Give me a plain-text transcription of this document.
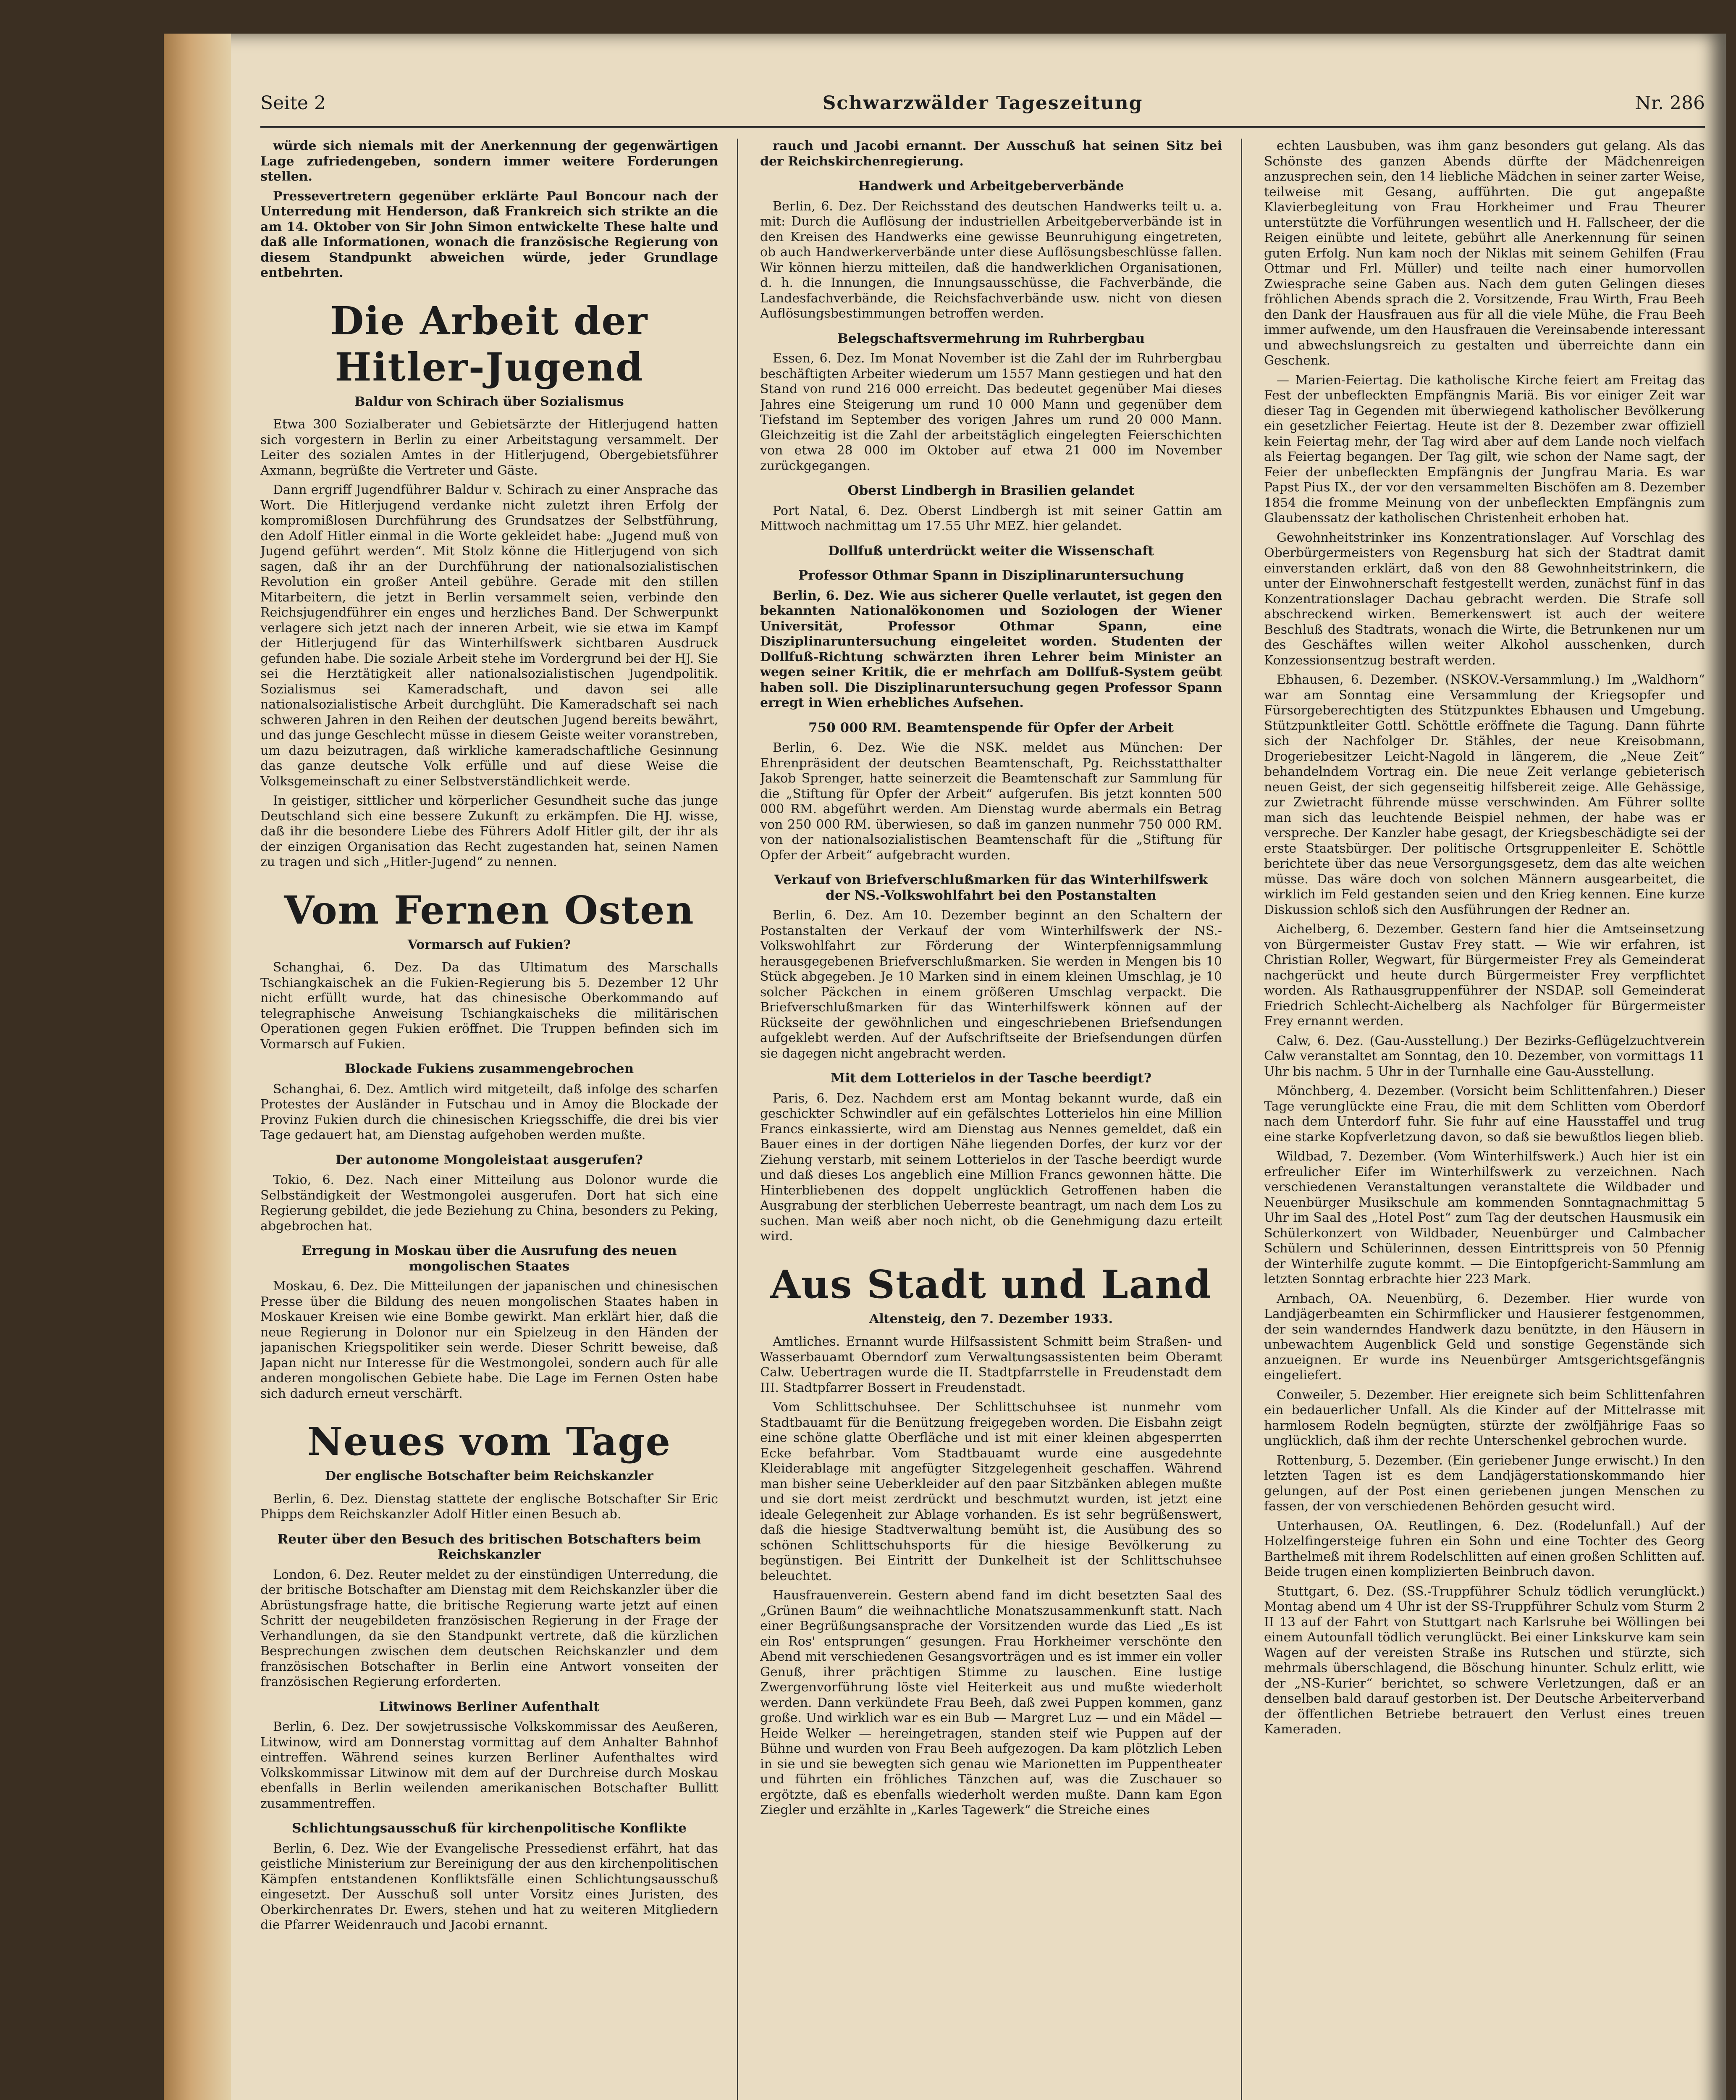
Seite 2	Schwarzwälder Tageszeitung	Nr. 286

würde sich niemals mit der Anerkennung der gegenwärtigen Lage zufriedengeben, sondern immer weitere Forderungen stellen.

Pressevertretern gegenüber erklärte Paul Boncour nach der Unterredung mit Henderson, daß Frankreich sich strikte an die am 14. Oktober von Sir John Simon entwickelte These halte und daß alle Informationen, wonach die französische Regierung von diesem Standpunkt abweichen würde, jeder Grundlage entbehrten.

Die Arbeit der Hitler-Jugend
Baldur von Schirach über Sozialismus

Etwa 300 Sozialberater und Gebietsärzte der Hitlerjugend hatten sich vorgestern in Berlin zu einer Arbeitstagung versammelt. Der Leiter des sozialen Amtes in der Hitlerjugend, Obergebietsführer Axmann, begrüßte die Vertreter und Gäste.

Dann ergriff Jugendführer Baldur v. Schirach zu einer Ansprache das Wort. Die Hitlerjugend verdanke nicht zuletzt ihren Erfolg der kompromißlosen Durchführung des Grundsatzes der Selbstführung, den Adolf Hitler einmal in die Worte gekleidet habe: „Jugend muß von Jugend geführt werden“. Mit Stolz könne die Hitlerjugend von sich sagen, daß ihr an der Durchführung der nationalsozialistischen Revolution ein großer Anteil gebühre. Gerade mit den stillen Mitarbeitern, die jetzt in Berlin versammelt seien, verbinde den Reichsjugendführer ein enges und herzliches Band. Der Schwerpunkt verlagere sich jetzt nach der inneren Arbeit, wie sie etwa im Kampf der Hitlerjugend für das Winterhilfswerk sichtbaren Ausdruck gefunden habe. Die soziale Arbeit stehe im Vordergrund bei der HJ. Sie sei die Herztätigkeit aller nationalsozialistischen Jugendpolitik. Sozialismus sei Kameradschaft, und davon sei alle nationalsozialistische Arbeit durchglüht. Die Kameradschaft sei nach schweren Jahren in den Reihen der deutschen Jugend bereits bewährt, und das junge Geschlecht müsse in diesem Geiste weiter voranstreben, um dazu beizutragen, daß wirkliche kameradschaftliche Gesinnung das ganze deutsche Volk erfülle und auf diese Weise die Volksgemeinschaft zu einer Selbstverständlichkeit werde.

In geistiger, sittlicher und körperlicher Gesundheit suche das junge Deutschland sich eine bessere Zukunft zu erkämpfen. Die HJ. wisse, daß ihr die besondere Liebe des Führers Adolf Hitler gilt, der ihr als der einzigen Organisation das Recht zugestanden hat, seinen Namen zu tragen und sich „Hitler-Jugend“ zu nennen.

Vom Fernen Osten
Vormarsch auf Fukien?

Schanghai, 6. Dez. Da das Ultimatum des Marschalls Tschiangkaischek an die Fukien-Regierung bis 5. Dezember 12 Uhr nicht erfüllt wurde, hat das chinesische Oberkommando auf telegraphische Anweisung Tschiangkaischeks die militärischen Operationen gegen Fukien eröffnet. Die Truppen befinden sich im Vormarsch auf Fukien.

Blockade Fukiens zusammengebrochen

Schanghai, 6. Dez. Amtlich wird mitgeteilt, daß infolge des scharfen Protestes der Ausländer in Futschau und in Amoy die Blockade der Provinz Fukien durch die chinesischen Kriegsschiffe, die drei bis vier Tage gedauert hat, am Dienstag aufgehoben werden mußte.

Der autonome Mongoleistaat ausgerufen?

Tokio, 6. Dez. Nach einer Mitteilung aus Dolonor wurde die Selbständigkeit der Westmongolei ausgerufen. Dort hat sich eine Regierung gebildet, die jede Beziehung zu China, besonders zu Peking, abgebrochen hat.

Erregung in Moskau über die Ausrufung des neuen mongolischen Staates

Moskau, 6. Dez. Die Mitteilungen der japanischen und chinesischen Presse über die Bildung des neuen mongolischen Staates haben in Moskauer Kreisen wie eine Bombe gewirkt. Man erklärt hier, daß die neue Regierung in Dolonor nur ein Spielzeug in den Händen der japanischen Kriegspolitiker sein werde. Dieser Schritt beweise, daß Japan nicht nur Interesse für die Westmongolei, sondern auch für alle anderen mongolischen Gebiete habe. Die Lage im Fernen Osten habe sich dadurch erneut verschärft.

Neues vom Tage
Der englische Botschafter beim Reichskanzler

Berlin, 6. Dez. Dienstag stattete der englische Botschafter Sir Eric Phipps dem Reichskanzler Adolf Hitler einen Besuch ab.

Reuter über den Besuch des britischen Botschafters beim Reichskanzler

London, 6. Dez. Reuter meldet zu der einstündigen Unterredung, die der britische Botschafter am Dienstag mit dem Reichskanzler über die Abrüstungsfrage hatte, die britische Regierung warte jetzt auf einen Schritt der neugebildeten französischen Regierung in der Frage der Verhandlungen, da sie den Standpunkt vertrete, daß die kürzlichen Besprechungen zwischen dem deutschen Reichskanzler und dem französischen Botschafter in Berlin eine Antwort vonseiten der französischen Regierung erforderten.

Litwinows Berliner Aufenthalt

Berlin, 6. Dez. Der sowjetrussische Volkskommissar des Aeußeren, Litwinow, wird am Donnerstag vormittag auf dem Anhalter Bahnhof eintreffen. Während seines kurzen Berliner Aufenthaltes wird Volkskommissar Litwinow mit dem auf der Durchreise durch Moskau ebenfalls in Berlin weilenden amerikanischen Botschafter Bullitt zusammentreffen.

Schlichtungsausschuß für kirchenpolitische Konflikte

Berlin, 6. Dez. Wie der Evangelische Pressedienst erfährt, hat das geistliche Ministerium zur Bereinigung der aus den kirchenpolitischen Kämpfen entstandenen Konfliktsfälle einen Schlichtungsausschuß eingesetzt. Der Ausschuß soll unter Vorsitz eines Juristen, des Oberkirchenrates Dr. Ewers, stehen und hat zu weiteren Mitgliedern die Pfarrer Weidenrauch und Jacobi ernannt.

rauch und Jacobi ernannt. Der Ausschuß hat seinen Sitz bei der Reichskirchenregierung.

Handwerk und Arbeitgeberverbände

Berlin, 6. Dez. Der Reichsstand des deutschen Handwerks teilt u. a. mit: Durch die Auflösung der industriellen Arbeitgeberverbände ist in den Kreisen des Handwerks eine gewisse Beunruhigung eingetreten, ob auch Handwerkerverbände unter diese Auflösungsbeschlüsse fallen. Wir können hierzu mitteilen, daß die handwerklichen Organisationen, d. h. die Innungen, die Innungsausschüsse, die Fachverbände, die Landesfachverbände, die Reichsfachverbände usw. nicht von diesen Auflösungsbestimmungen betroffen werden.

Belegschaftsvermehrung im Ruhrbergbau

Essen, 6. Dez. Im Monat November ist die Zahl der im Ruhrbergbau beschäftigten Arbeiter wiederum um 1557 Mann gestiegen und hat den Stand von rund 216 000 erreicht. Das bedeutet gegenüber Mai dieses Jahres eine Steigerung um rund 10 000 Mann und gegenüber dem Tiefstand im September des vorigen Jahres um rund 20 000 Mann. Gleichzeitig ist die Zahl der arbeitstäglich eingelegten Feierschichten von etwa 28 000 im Oktober auf etwa 21 000 im November zurückgegangen.

Oberst Lindbergh in Brasilien gelandet

Port Natal, 6. Dez. Oberst Lindbergh ist mit seiner Gattin am Mittwoch nachmittag um 17.55 Uhr MEZ. hier gelandet.

Dollfuß unterdrückt weiter die Wissenschaft
Professor Othmar Spann in Disziplinaruntersuchung

Berlin, 6. Dez. Wie aus sicherer Quelle verlautet, ist gegen den bekannten Nationalökonomen und Soziologen der Wiener Universität, Professor Othmar Spann, eine Disziplinaruntersuchung eingeleitet worden. Studenten der Dollfuß-Richtung schwärzten ihren Lehrer beim Minister an wegen seiner Kritik, die er mehrfach am Dollfuß-System geübt haben soll. Die Disziplinaruntersuchung gegen Professor Spann erregt in Wien erhebliches Aufsehen.

750 000 RM. Beamtenspende für Opfer der Arbeit

Berlin, 6. Dez. Wie die NSK. meldet aus München: Der Ehrenpräsident der deutschen Beamtenschaft, Pg. Reichsstatthalter Jakob Sprenger, hatte seinerzeit die Beamtenschaft zur Sammlung für die „Stiftung für Opfer der Arbeit“ aufgerufen. Bis jetzt konnten 500 000 RM. abgeführt werden. Am Dienstag wurde abermals ein Betrag von 250 000 RM. überwiesen, so daß im ganzen nunmehr 750 000 RM. von der nationalsozialistischen Beamtenschaft für die „Stiftung für Opfer der Arbeit“ aufgebracht wurden.

Verkauf von Briefverschlußmarken für das Winterhilfswerk der NS.-Volkswohlfahrt bei den Postanstalten

Berlin, 6. Dez. Am 10. Dezember beginnt an den Schaltern der Postanstalten der Verkauf der vom Winterhilfswerk der NS.-Volkswohlfahrt zur Förderung der Winterpfennigsammlung herausgegebenen Briefverschlußmarken. Sie werden in Mengen bis 10 Stück abgegeben. Je 10 Marken sind in einem kleinen Umschlag, je 10 solcher Päckchen in einem größeren Umschlag verpackt. Die Briefverschlußmarken für das Winterhilfswerk können auf der Rückseite der gewöhnlichen und eingeschriebenen Briefsendungen aufgeklebt werden. Auf der Aufschriftseite der Briefsendungen dürfen sie dagegen nicht angebracht werden.

Mit dem Lotterielos in der Tasche beerdigt?

Paris, 6. Dez. Nachdem erst am Montag bekannt wurde, daß ein geschickter Schwindler auf ein gefälschtes Lotterielos hin eine Million Francs einkassierte, wird am Dienstag aus Nennes gemeldet, daß ein Bauer eines in der dortigen Nähe liegenden Dorfes, der kurz vor der Ziehung verstarb, mit seinem Lotterielos in der Tasche beerdigt wurde und daß dieses Los angeblich eine Million Francs gewonnen hätte. Die Hinterbliebenen des doppelt unglücklich Getroffenen haben die Ausgrabung der sterblichen Ueberreste beantragt, um nach dem Los zu suchen. Man weiß aber noch nicht, ob die Genehmigung dazu erteilt wird.

Aus Stadt und Land
Altensteig, den 7. Dezember 1933.

Amtliches. Ernannt wurde Hilfsassistent Schmitt beim Straßen- und Wasserbauamt Oberndorf zum Verwaltungsassistenten beim Oberamt Calw. Uebertragen wurde die II. Stadtpfarrstelle in Freudenstadt dem III. Stadtpfarrer Bossert in Freudenstadt.

Vom Schlittschuhsee. Der Schlittschuhsee ist nunmehr vom Stadtbauamt für die Benützung freigegeben worden. Die Eisbahn zeigt eine schöne glatte Oberfläche und ist mit einer kleinen abgesperrten Ecke befahrbar. Vom Stadtbauamt wurde eine ausgedehnte Kleiderablage mit angefügter Sitzgelegenheit geschaffen. Während man bisher seine Ueberkleider auf den paar Sitzbänken ablegen mußte und sie dort meist zerdrückt und beschmutzt wurden, ist jetzt eine ideale Gelegenheit zur Ablage vorhanden. Es ist sehr begrüßenswert, daß die hiesige Stadtverwaltung bemüht ist, die Ausübung des so schönen Schlittschuhsports für die hiesige Bevölkerung zu begünstigen. Bei Eintritt der Dunkelheit ist der Schlittschuhsee beleuchtet.

Hausfrauenverein. Gestern abend fand im dicht besetzten Saal des „Grünen Baum“ die weihnachtliche Monatszusammenkunft statt. Nach einer Begrüßungsansprache der Vorsitzenden wurde das Lied „Es ist ein Ros' entsprungen“ gesungen. Frau Horkheimer verschönte den Abend mit verschiedenen Gesangsvorträgen und es ist immer ein voller Genuß, ihrer prächtigen Stimme zu lauschen. Eine lustige Zwergenvorführung löste viel Heiterkeit aus und mußte wiederholt werden. Dann verkündete Frau Beeh, daß zwei Puppen kommen, ganz große. Und wirklich war es ein Bub — Margret Luz — und ein Mädel — Heide Welker — hereingetragen, standen steif wie Puppen auf der Bühne und wurden von Frau Beeh aufgezogen. Da kam plötzlich Leben in sie und sie bewegten sich genau wie Marionetten im Puppentheater und führten ein fröhliches Tänzchen auf, was die Zuschauer so ergötzte, daß es ebenfalls wiederholt werden mußte. Dann kam Egon Ziegler und erzählte in „Karles Tagewerk“ die Streiche eines

echten Lausbuben, was ihm ganz besonders gut gelang. Als das Schönste des ganzen Abends dürfte der Mädchenreigen anzusprechen sein, den 14 liebliche Mädchen in seiner zarter Weise, teilweise mit Gesang, aufführten. Die gut angepaßte Klavierbegleitung von Frau Horkheimer und Frau Theurer unterstützte die Vorführungen wesentlich und H. Fallscheer, der die Reigen einübte und leitete, gebührt alle Anerkennung für seinen guten Erfolg. Nun kam noch der Niklas mit seinem Gehilfen (Frau Ottmar und Frl. Müller) und teilte nach einer humorvollen Zwiesprache seine Gaben aus. Nach dem guten Gelingen dieses fröhlichen Abends sprach die 2. Vorsitzende, Frau Wirth, Frau Beeh den Dank der Hausfrauen aus für all die viele Mühe, die Frau Beeh immer aufwende, um den Hausfrauen die Vereinsabende interessant und abwechslungsreich zu gestalten und überreichte dann ein Geschenk.

— Marien-Feiertag. Die katholische Kirche feiert am Freitag das Fest der unbefleckten Empfängnis Mariä. Bis vor einiger Zeit war dieser Tag in Gegenden mit überwiegend katholischer Bevölkerung ein gesetzlicher Feiertag. Heute ist der 8. Dezember zwar offiziell kein Feiertag mehr, der Tag wird aber auf dem Lande noch vielfach als Feiertag begangen. Der Tag gilt, wie schon der Name sagt, der Feier der unbefleckten Empfängnis der Jungfrau Maria. Es war Papst Pius IX., der vor den versammelten Bischöfen am 8. Dezember 1854 die fromme Meinung von der unbefleckten Empfängnis zum Glaubenssatz der katholischen Christenheit erhoben hat.

Gewohnheitstrinker ins Konzentrationslager. Auf Vorschlag des Oberbürgermeisters von Regensburg hat sich der Stadtrat damit einverstanden erklärt, daß von den 88 Gewohnheitstrinkern, die unter der Einwohnerschaft festgestellt werden, zunächst fünf in das Konzentrationslager Dachau gebracht werden. Die Strafe soll abschreckend wirken. Bemerkenswert ist auch der weitere Beschluß des Stadtrats, wonach die Wirte, die Betrunkenen nur um des Geschäftes willen weiter Alkohol ausschenken, durch Konzessionsentzug bestraft werden.

Ebhausen, 6. Dezember. (NSKOV.-Versammlung.) Im „Waldhorn“ war am Sonntag eine Versammlung der Kriegsopfer und Fürsorgeberechtigten des Stützpunktes Ebhausen und Umgebung. Stützpunktleiter Gottl. Schöttle eröffnete die Tagung. Dann führte sich der Nachfolger Dr. Stähles, der neue Kreisobmann, Drogeriebesitzer Leicht-Nagold in längerem, die „Neue Zeit“ behandelndem Vortrag ein. Die neue Zeit verlange gebieterisch neuen Geist, der sich gegenseitig hilfsbereit zeige. Alle Gehässige, zur Zwietracht führende müsse verschwinden. Am Führer sollte man sich das leuchtende Beispiel nehmen, der habe was er verspreche. Der Kanzler habe gesagt, der Kriegsbeschädigte sei der erste Staatsbürger. Der politische Ortsgruppenleiter E. Schöttle berichtete über das neue Versorgungsgesetz, dem das alte weichen müsse. Das wäre doch von solchen Männern ausgearbeitet, die wirklich im Feld gestanden seien und den Krieg kennen. Eine kurze Diskussion schloß sich den Ausführungen der Redner an.

Aichelberg, 6. Dezember. Gestern fand hier die Amtseinsetzung von Bürgermeister Gustav Frey statt. — Wie wir erfahren, ist Christian Roller, Wegwart, für Bürgermeister Frey als Gemeinderat nachgerückt und heute durch Bürgermeister Frey verpflichtet worden. Als Rathausgruppenführer der NSDAP. soll Gemeinderat Friedrich Schlecht-Aichelberg als Nachfolger für Bürgermeister Frey ernannt werden.

Calw, 6. Dez. (Gau-Ausstellung.) Der Bezirks-Geflügelzuchtverein Calw veranstaltet am Sonntag, den 10. Dezember, von vormittags 11 Uhr bis nachm. 5 Uhr in der Turnhalle eine Gau-Ausstellung.

Mönchberg, 4. Dezember. (Vorsicht beim Schlittenfahren.) Dieser Tage verunglückte eine Frau, die mit dem Schlitten vom Oberdorf nach dem Unterdorf fuhr. Sie fuhr auf eine Hausstaffel und trug eine starke Kopfverletzung davon, so daß sie bewußtlos liegen blieb.

Wildbad, 7. Dezember. (Vom Winterhilfswerk.) Auch hier ist ein erfreulicher Eifer im Winterhilfswerk zu verzeichnen. Nach verschiedenen Veranstaltungen veranstaltete die Wildbader und Neuenbürger Musikschule am kommenden Sonntagnachmittag 5 Uhr im Saal des „Hotel Post“ zum Tag der deutschen Hausmusik ein Schülerkonzert von Wildbader, Neuenbürger und Calmbacher Schülern und Schülerinnen, dessen Eintrittspreis von 50 Pfennig der Winterhilfe zugute kommt. — Die Eintopfgericht-Sammlung am letzten Sonntag erbrachte hier 223 Mark.

Arnbach, OA. Neuenbürg, 6. Dezember. Hier wurde von Landjägerbeamten ein Schirmflicker und Hausierer festgenommen, der sein wanderndes Handwerk dazu benützte, in den Häusern in unbewachtem Augenblick Geld und sonstige Gegenstände sich anzueignen. Er wurde ins Neuenbürger Amtsgerichtsgefängnis eingeliefert.

Conweiler, 5. Dezember. Hier ereignete sich beim Schlittenfahren ein bedauerlicher Unfall. Als die Kinder auf der Mittelrasse mit harmlosem Rodeln begnügten, stürzte der zwölfjährige Faas so unglücklich, daß ihm der rechte Unterschenkel gebrochen wurde.

Rottenburg, 5. Dezember. (Ein geriebener Junge erwischt.) In den letzten Tagen ist es dem Landjägerstationskommando hier gelungen, auf der Post einen geriebenen jungen Menschen zu fassen, der von verschiedenen Behörden gesucht wird.

Unterhausen, OA. Reutlingen, 6. Dez. (Rodelunfall.) Auf der Holzelfingersteige fuhren ein Sohn und eine Tochter des Georg Barthelmeß mit ihrem Rodelschlitten auf einen großen Schlitten auf. Beide trugen einen komplizierten Beinbruch davon.

Stuttgart, 6. Dez. (SS.-Truppführer Schulz tödlich verunglückt.) Montag abend um 4 Uhr ist der SS-Truppführer Schulz vom Sturm 2 II 13 auf der Fahrt von Stuttgart nach Karlsruhe bei Wöllingen bei einem Autounfall tödlich verunglückt. Bei einer Linkskurve kam sein Wagen auf der vereisten Straße ins Rutschen und stürzte, sich mehrmals überschlagend, die Böschung hinunter. Schulz erlitt, wie der „NS-Kurier“ berichtet, so schwere Verletzungen, daß er an denselben bald darauf gestorben ist. Der Deutsche Arbeiterverband der öffentlichen Betriebe betrauert den Verlust eines treuen Kameraden.
